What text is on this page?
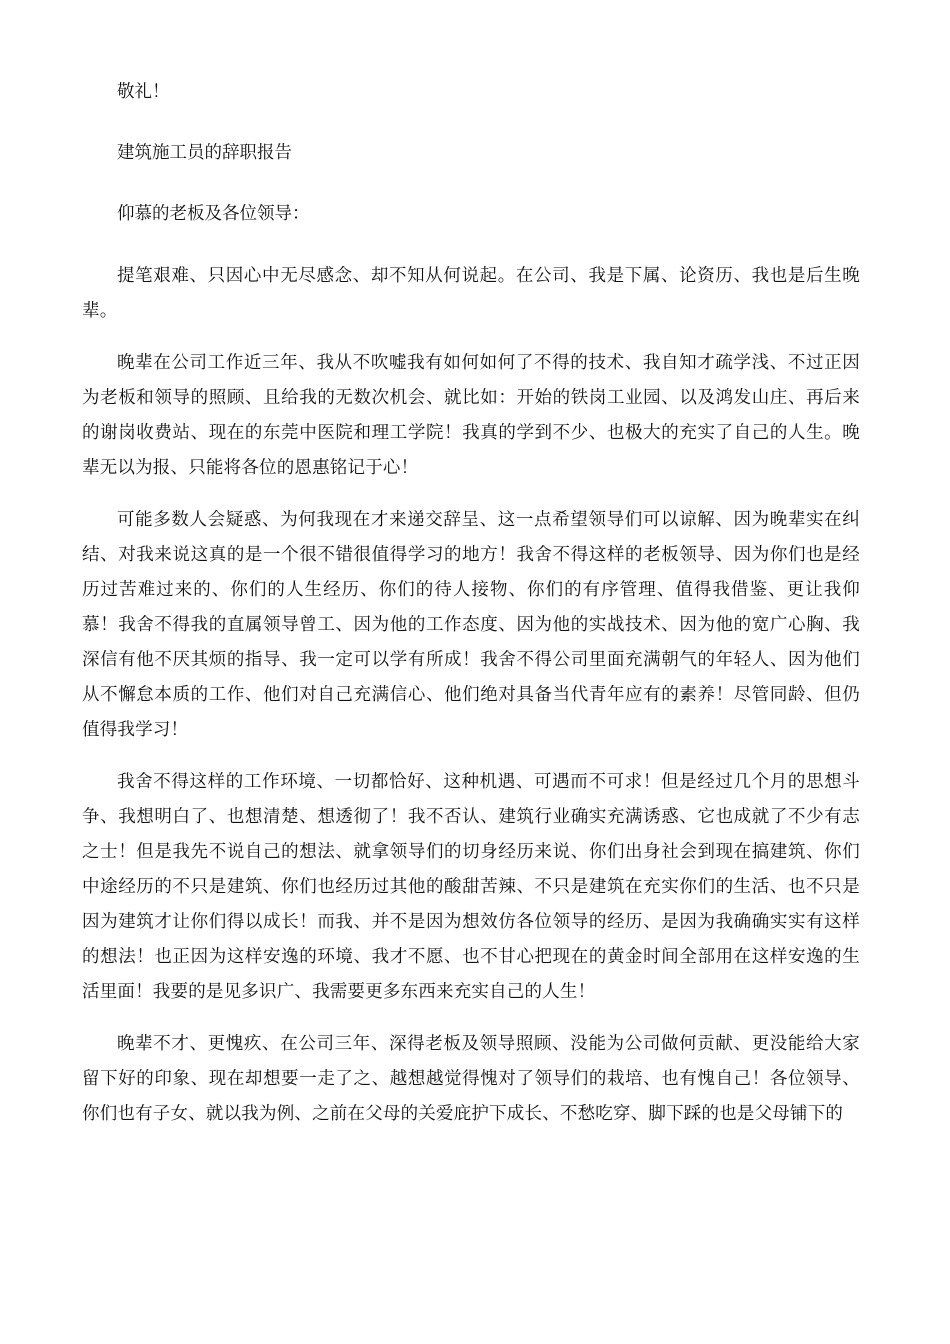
敬礼！

建筑施工员的辞职报告

仰慕的老板及各位领导：

提笔艰难、只因心中无尽感念、却不知从何说起。在公司、我是下属、论资历、我也是后生晚辈。

晚辈在公司工作近三年、我从不吹嘘我有如何如何了不得的技术、我自知才疏学浅、不过正因为老板和领导的照顾、且给我的无数次机会、就比如：开始的铁岗工业园、以及鸿发山庄、再后来的谢岗收费站、现在的东莞中医院和理工学院！我真的学到不少、也极大的充实了自己的人生。晚辈无以为报、只能将各位的恩惠铭记于心！

可能多数人会疑惑、为何我现在才来递交辞呈、这一点希望领导们可以谅解、因为晚辈实在纠结、对我来说这真的是一个很不错很值得学习的地方！我舍不得这样的老板领导、因为你们也是经历过苦难过来的、你们的人生经历、你们的待人接物、你们的有序管理、值得我借鉴、更让我仰慕！我舍不得我的直属领导曾工、因为他的工作态度、因为他的实战技术、因为他的宽广心胸、我深信有他不厌其烦的指导、我一定可以学有所成！我舍不得公司里面充满朝气的年轻人、因为他们从不懈怠本质的工作、他们对自己充满信心、他们绝对具备当代青年应有的素养！尽管同龄、但仍值得我学习！

我舍不得这样的工作环境、一切都恰好、这种机遇、可遇而不可求！但是经过几个月的思想斗争、我想明白了、也想清楚、想透彻了！我不否认、建筑行业确实充满诱惑、它也成就了不少有志之士！但是我先不说自己的想法、就拿领导们的切身经历来说、你们出身社会到现在搞建筑、你们中途经历的不只是建筑、你们也经历过其他的酸甜苦辣、不只是建筑在充实你们的生活、也不只是因为建筑才让你们得以成长！而我、并不是因为想效仿各位领导的经历、是因为我确确实实有这样的想法！也正因为这样安逸的环境、我才不愿、也不甘心把现在的黄金时间全部用在这样安逸的生活里面！我要的是见多识广、我需要更多东西来充实自己的人生！

晚辈不才、更愧疚、在公司三年、深得老板及领导照顾、没能为公司做何贡献、更没能给大家留下好的印象、现在却想要一走了之、越想越觉得愧对了领导们的栽培、也有愧自己！各位领导、你们也有子女、就以我为例、之前在父母的关爱庇护下成长、不愁吃穿、脚下踩的也是父母铺下的
